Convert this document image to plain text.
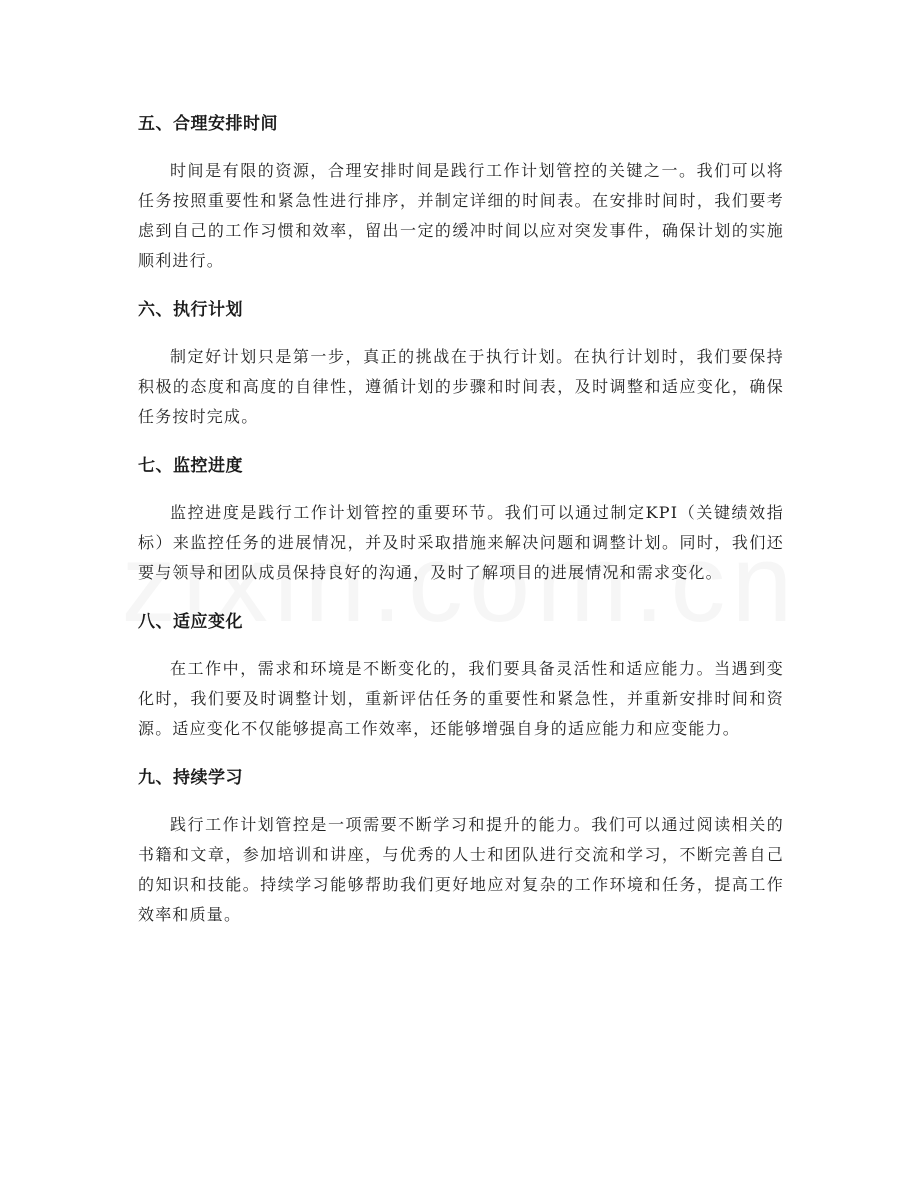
五、合理安排时间

时间是有限的资源，合理安排时间是践行工作计划管控的关键之一。我们可以将任务按照重要性和紧急性进行排序，并制定详细的时间表。在安排时间时，我们要考虑到自己的工作习惯和效率，留出一定的缓冲时间以应对突发事件，确保计划的实施顺利进行。

六、执行计划

制定好计划只是第一步，真正的挑战在于执行计划。在执行计划时，我们要保持积极的态度和高度的自律性，遵循计划的步骤和时间表，及时调整和适应变化，确保任务按时完成。

七、监控进度

监控进度是践行工作计划管控的重要环节。我们可以通过制定KPI（关键绩效指标）来监控任务的进展情况，并及时采取措施来解决问题和调整计划。同时，我们还要与领导和团队成员保持良好的沟通，及时了解项目的进展情况和需求变化。

八、适应变化

在工作中，需求和环境是不断变化的，我们要具备灵活性和适应能力。当遇到变化时，我们要及时调整计划，重新评估任务的重要性和紧急性，并重新安排时间和资源。适应变化不仅能够提高工作效率，还能够增强自身的适应能力和应变能力。

九、持续学习

践行工作计划管控是一项需要不断学习和提升的能力。我们可以通过阅读相关的书籍和文章，参加培训和讲座，与优秀的人士和团队进行交流和学习，不断完善自己的知识和技能。持续学习能够帮助我们更好地应对复杂的工作环境和任务，提高工作效率和质量。
